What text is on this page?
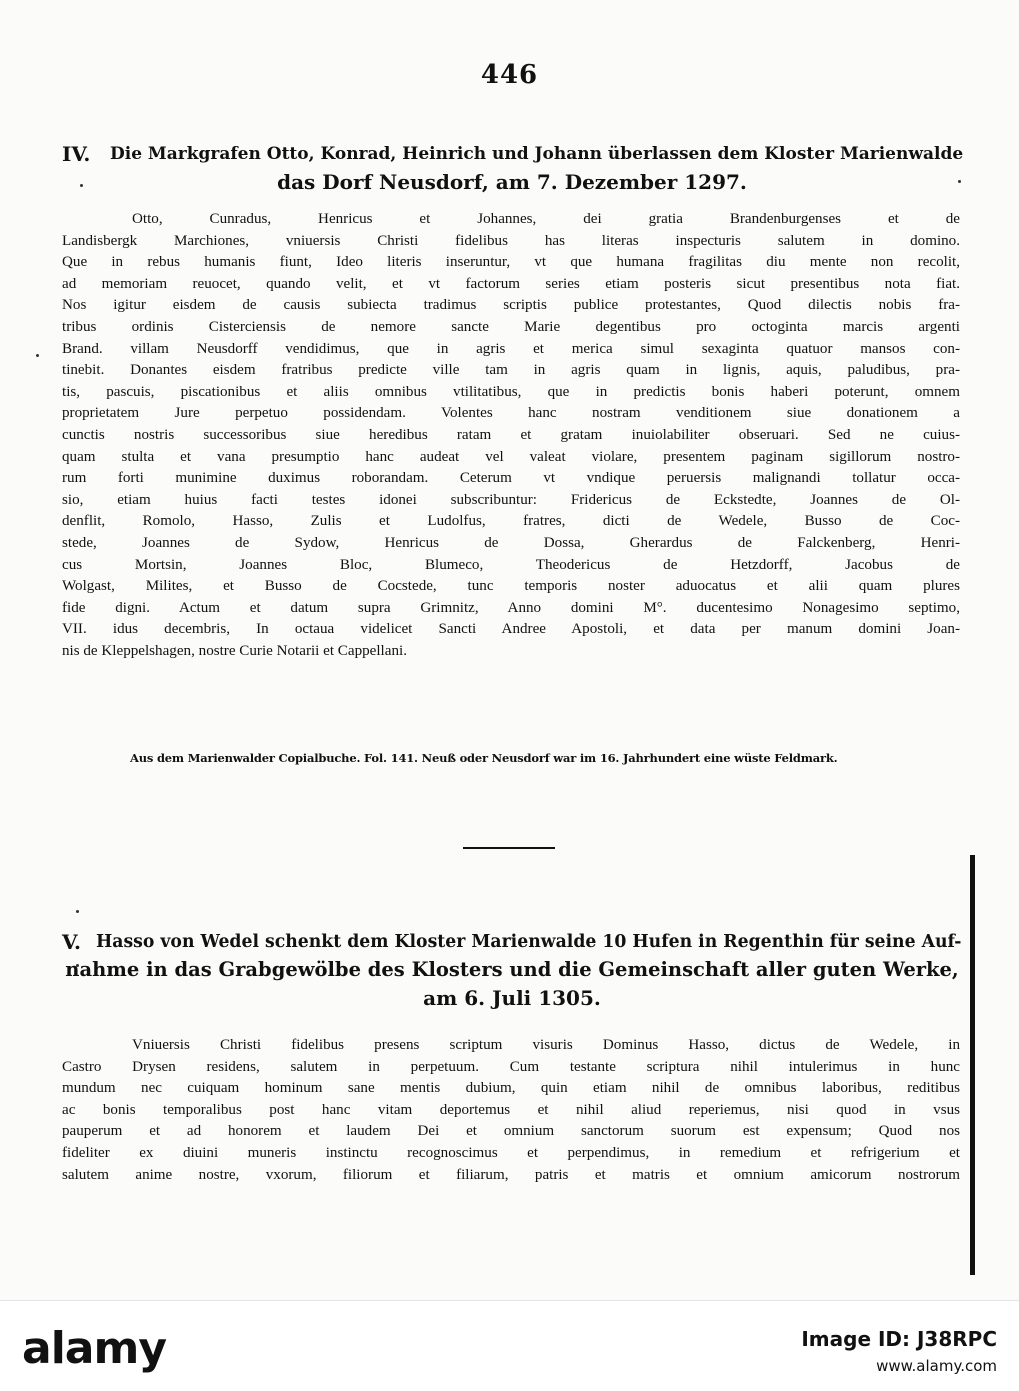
446
IV.	Die Markgrafen Otto, Konrad, Heinrich und Johann überlassen dem Kloster Marienwalde
das Dorf Neusdorf, am 7. Dezember 1297.
Otto, Cunradus, Henricus et Johannes, dei gratia Brandenburgenses et de
Landisbergk Marchiones, vniuersis Christi fidelibus has literas inspecturis salutem in domino.
Que in rebus humanis fiunt, Ideo literis inseruntur, vt que humana fragilitas diu mente non recolit,
ad memoriam reuocet, quando velit, et vt factorum series etiam posteris sicut presentibus nota fiat.
Nos igitur eisdem de causis subiecta tradimus scriptis publice protestantes, Quod dilectis nobis fra-
tribus ordinis Cisterciensis de nemore sancte Marie degentibus pro octoginta marcis argenti
Brand. villam Neusdorff vendidimus, que in agris et merica simul sexaginta quatuor mansos con-
tinebit. Donantes eisdem fratribus predicte ville tam in agris quam in lignis, aquis, paludibus, pra-
tis, pascuis, piscationibus et aliis omnibus vtilitatibus, que in predictis bonis haberi poterunt, omnem
proprietatem Jure perpetuo possidendam. Volentes hanc nostram venditionem siue donationem a
cunctis nostris successoribus siue heredibus ratam et gratam inuiolabiliter obseruari. Sed ne cuius-
quam stulta et vana presumptio hanc audeat vel valeat violare, presentem paginam sigillorum nostro-
rum forti munimine duximus roborandam. Ceterum vt vndique peruersis malignandi tollatur occa-
sio, etiam huius facti testes idonei subscribuntur: Fridericus de Eckstedte, Joannes de Ol-
denflit, Romolo, Hasso, Zulis et Ludolfus, fratres, dicti de Wedele, Busso de Coc-
stede, Joannes de Sydow, Henricus de Dossa, Gherardus de Falckenberg, Henri-
cus Mortsin, Joannes Bloc, Blumeco, Theodericus de Hetzdorff, Jacobus de
Wolgast, Milites, et Busso de Cocstede, tunc temporis noster aduocatus et alii quam plures
fide digni. Actum et datum supra Grimnitz, Anno domini M°. ducentesimo Nonagesimo septimo,
VII. idus decembris, In octaua videlicet Sancti Andree Apostoli, et data per manum domini Joan-
nis de Kleppelshagen, nostre Curie Notarii et Cappellani.
Aus dem Marienwalder Copialbuche. Fol. 141. Neuß oder Neusdorf war im 16. Jahrhundert eine wüste Feldmark.
V. Hasso von Wedel schenkt dem Kloster Marienwalde 10 Hufen in Regenthin für seine Auf-
nahme in das Grabgewölbe des Klosters und die Gemeinschaft aller guten Werke,
am 6. Juli 1305.
Vniuersis Christi fidelibus presens scriptum visuris Dominus Hasso, dictus de Wedele, in
Castro Drysen residens, salutem in perpetuum. Cum testante scriptura nihil intulerimus in hunc
mundum nec cuiquam hominum sane mentis dubium, quin etiam nihil de omnibus laboribus, reditibus
ac bonis temporalibus post hanc vitam deportemus et nihil aliud reperiemus, nisi quod in vsus
pauperum et ad honorem et laudem Dei et omnium sanctorum suorum est expensum; Quod nos
fideliter ex diuini muneris instinctu recognoscimus et perpendimus, in remedium et refrigerium et
salutem anime nostre, vxorum, filiorum et filiarum, patris et matris et omnium amicorum nostrorum
alamy	Image ID: J38RPC
www.alamy.com
